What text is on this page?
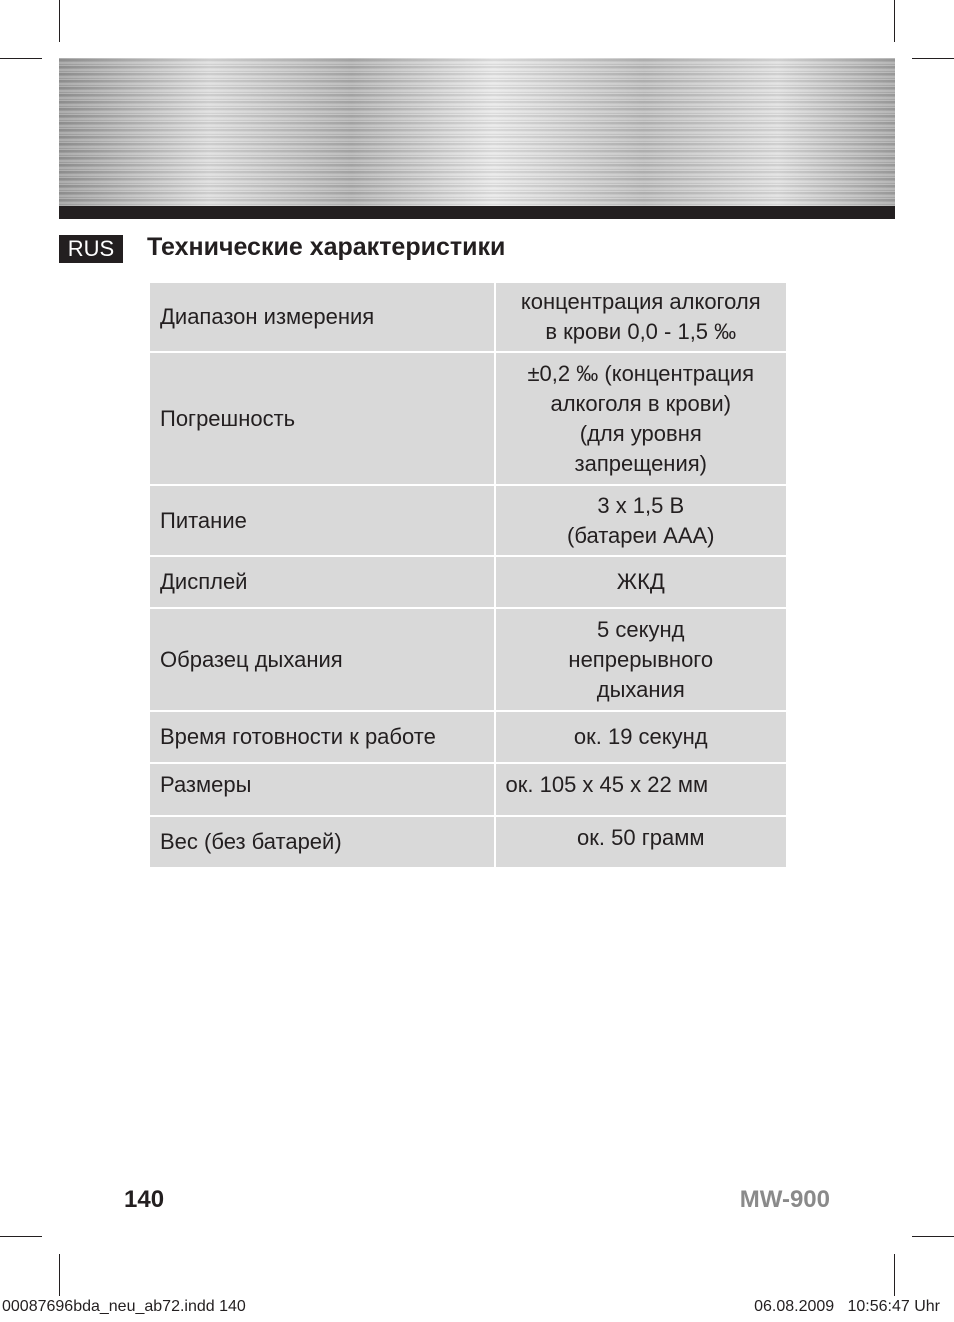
RUS	Технические характеристики
Диапазон измерения	концентрация алкоголя
в крови 0,0 - 1,5 ‰

Погрешность	±0,2 ‰ (концентрация
алкоголя в крови)
(для уровня
запрещения)

Питание	3 х 1,5 В
(батареи ААА)

Дисплей	ЖКД

Образец дыхания	5 секунд
непрерывного
дыхания

Время готовности к работе	ок. 19 секунд

Размеры	ок. 105 x 45 x 22 мм

Вес (без батарей)	ок. 50 грамм
140	MW-900
00087696bda_neu_ab72.indd 140	06.08.2009   10:56:47 Uhr
